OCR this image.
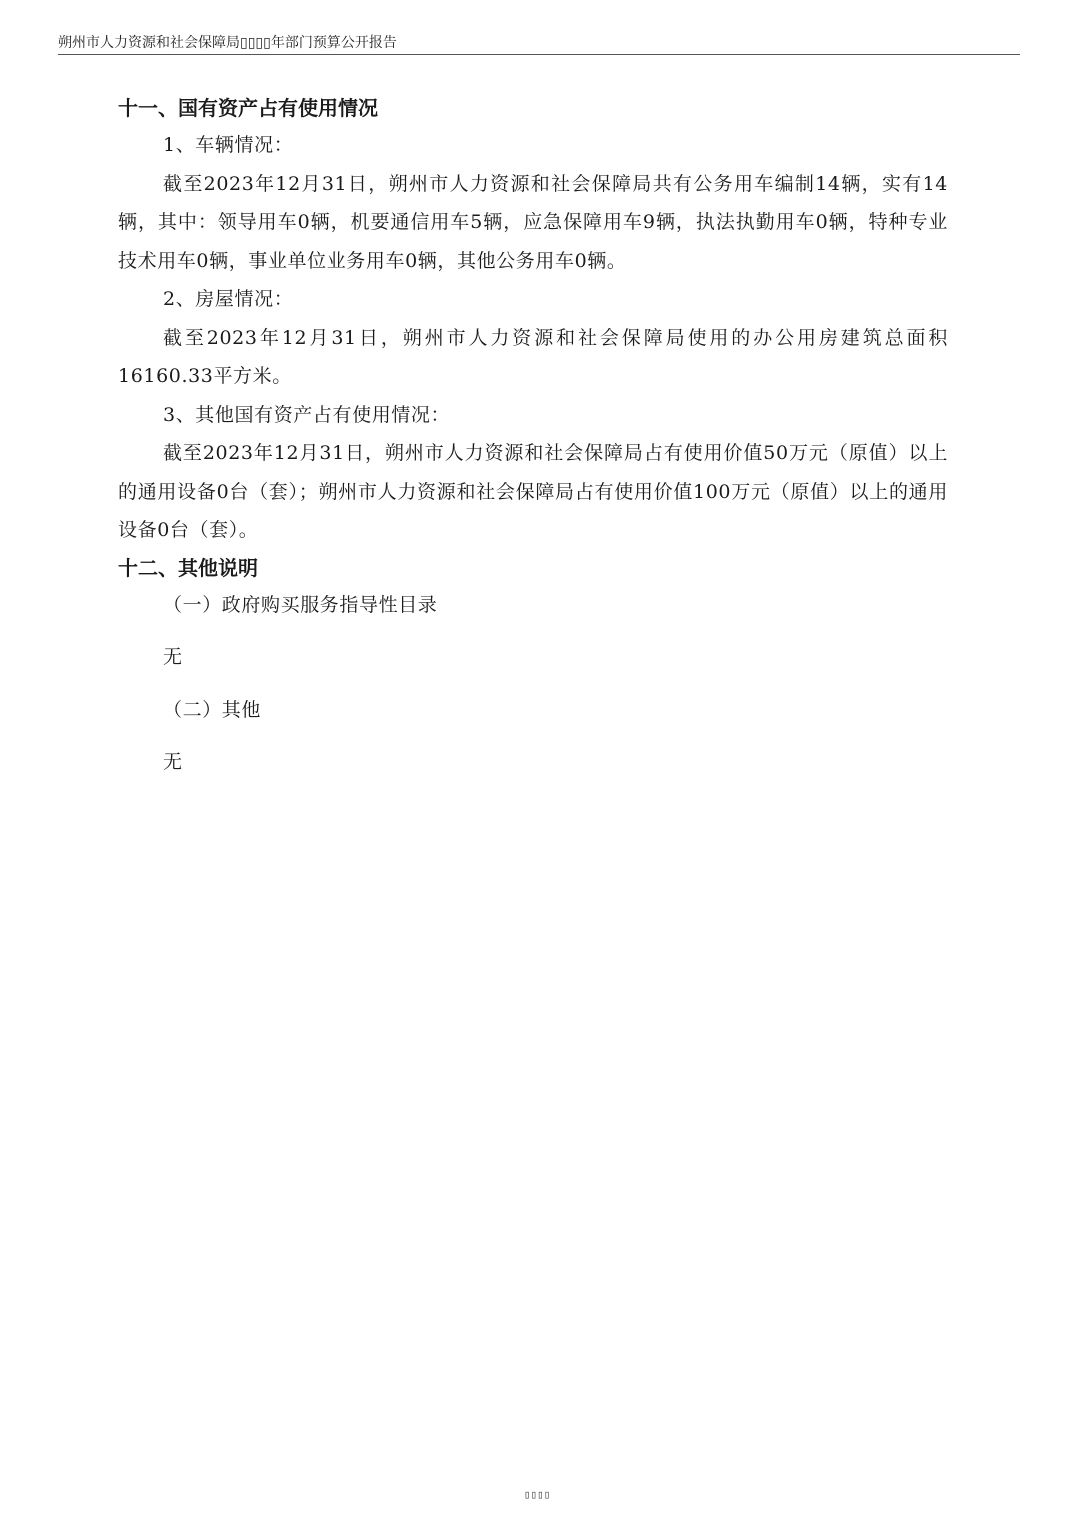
朔州市人力资源和社会保障局▯▯▯▯年部门预算公开报告
十一、国有资产占有使用情况

1、车辆情况：

截至2023年12月31日，朔州市人力资源和社会保障局共有公务用车编制14辆，实有14辆，其中：领导用车0辆，机要通信用车5辆，应急保障用车9辆，执法执勤用车0辆，特种专业技术用车0辆，事业单位业务用车0辆，其他公务用车0辆。

2、房屋情况：

截至2023年12月31日，朔州市人力资源和社会保障局使用的办公用房建筑总面积16160.33平方米。

3、其他国有资产占有使用情况：

截至2023年12月31日，朔州市人力资源和社会保障局占有使用价值50万元（原值）以上的通用设备0台（套）；朔州市人力资源和社会保障局占有使用价值100万元（原值）以上的通用设备0台（套）。

十二、其他说明

（一）政府购买服务指导性目录

无

（二）其他

无

▯▯▯▯
